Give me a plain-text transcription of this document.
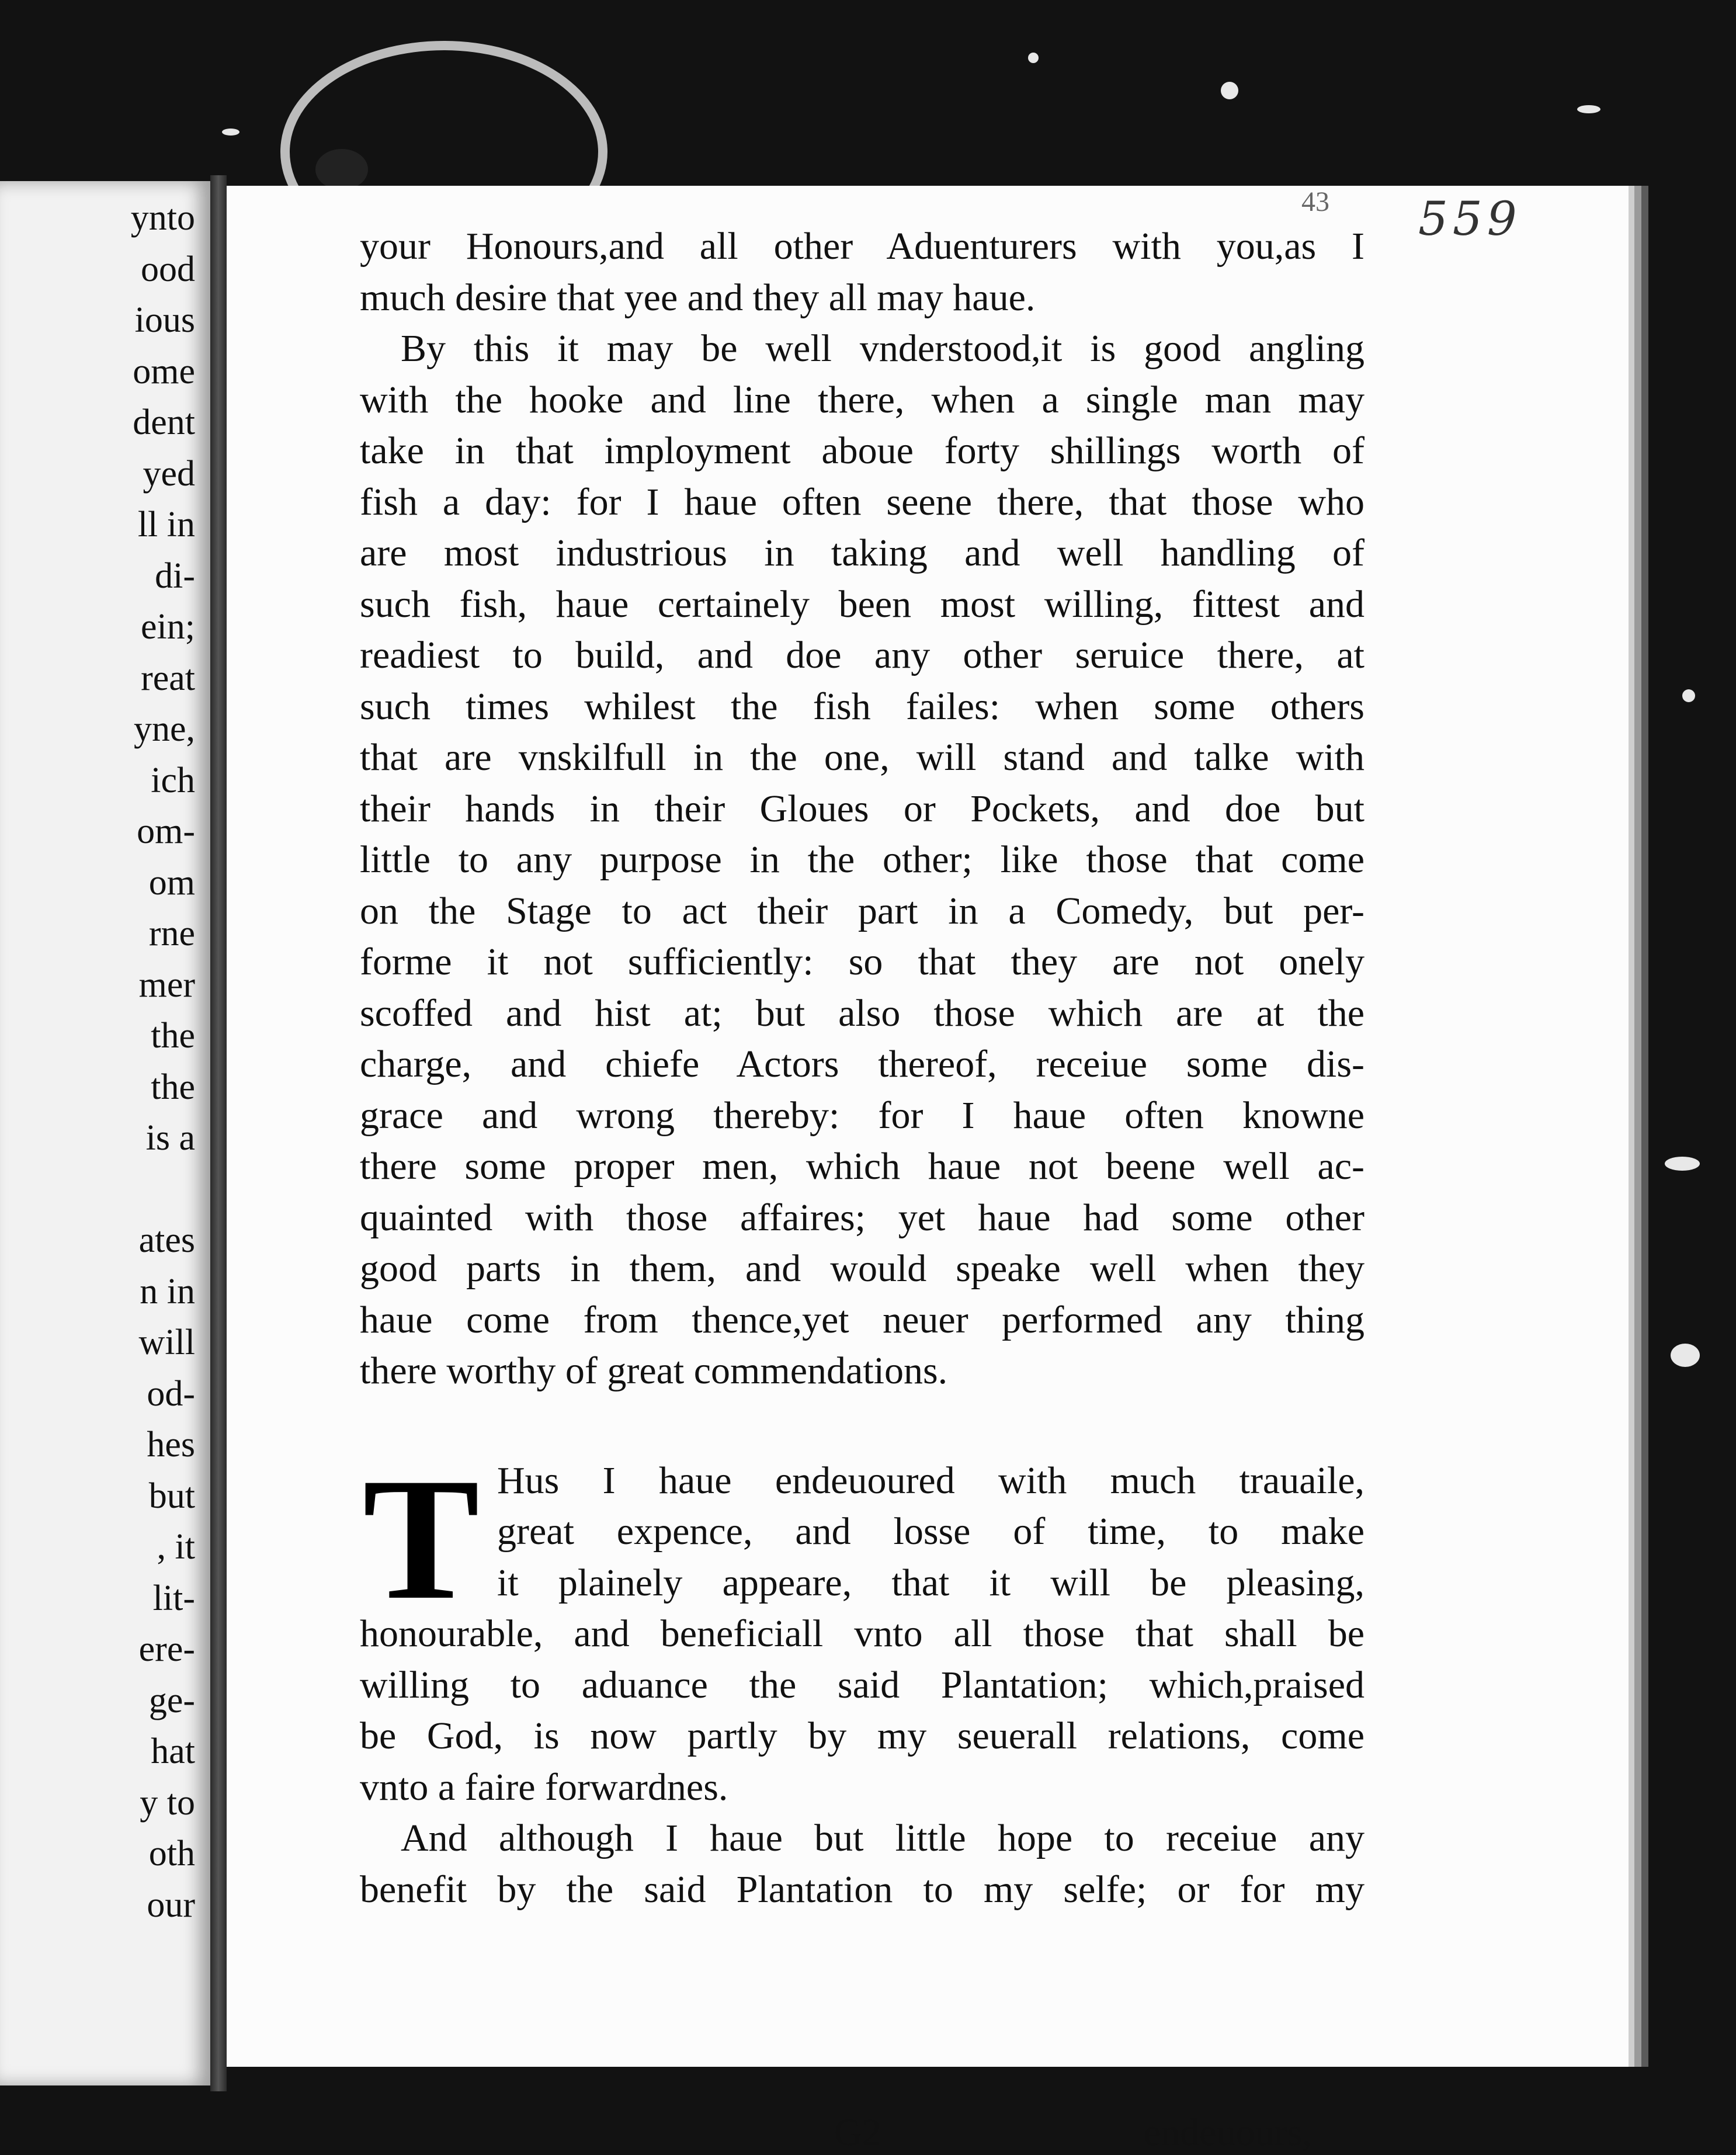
ynto
ood
ious
ome
dent
yed
ll in
di-
ein;
reat
yne,
ich
om-
om
rne
mer
the
the
is a
ates
n in
will
od-
hes
but
, it
lit-
ere-
ge-
hat
y to
oth
our
43 559
your Honours,and all other Aduenturers with you,as I
much desire that yee and they all may haue.
By this it may be well vnderstood,it is good angling
with the hooke and line there, when a single man may
take in that imployment aboue forty shillings worth of
fish a day: for I haue often seene there, that those who
are most industrious in taking and well handling of
such fish, haue certainely been most willing, fittest and
readiest to build, and doe any other seruice there, at
such times whilest the fish failes: when some others
that are vnskilfull in the one, will stand and talke with
their hands in their Gloues or Pockets, and doe but
little to any purpose in the other; like those that come
on the Stage to act their part in a Comedy, but per-
forme it not sufficiently: so that they are not onely
scoffed and hist at; but also those which are at the
charge, and chiefe Actors thereof, receiue some dis-
grace and wrong thereby: for I haue often knowne
there some proper men, which haue not beene well ac-
quainted with those affaires; yet haue had some other
good parts in them, and would speake well when they
haue come from thence,yet neuer performed any thing
there worthy of great commendations.
T Hus I haue endeuoured with much trauaile,
great expence, and losse of time, to make
it plainely appeare, that it will be pleasing,
honourable, and beneficiall vnto all those that shall be
willing to aduance the said Plantation; which,praised
be God, is now partly by my seuerall relations, come
vnto a faire forwardnes.
And although I haue but little hope to receiue any
benefit by the said Plantation to my selfe; or for my
G2	endeuours,
